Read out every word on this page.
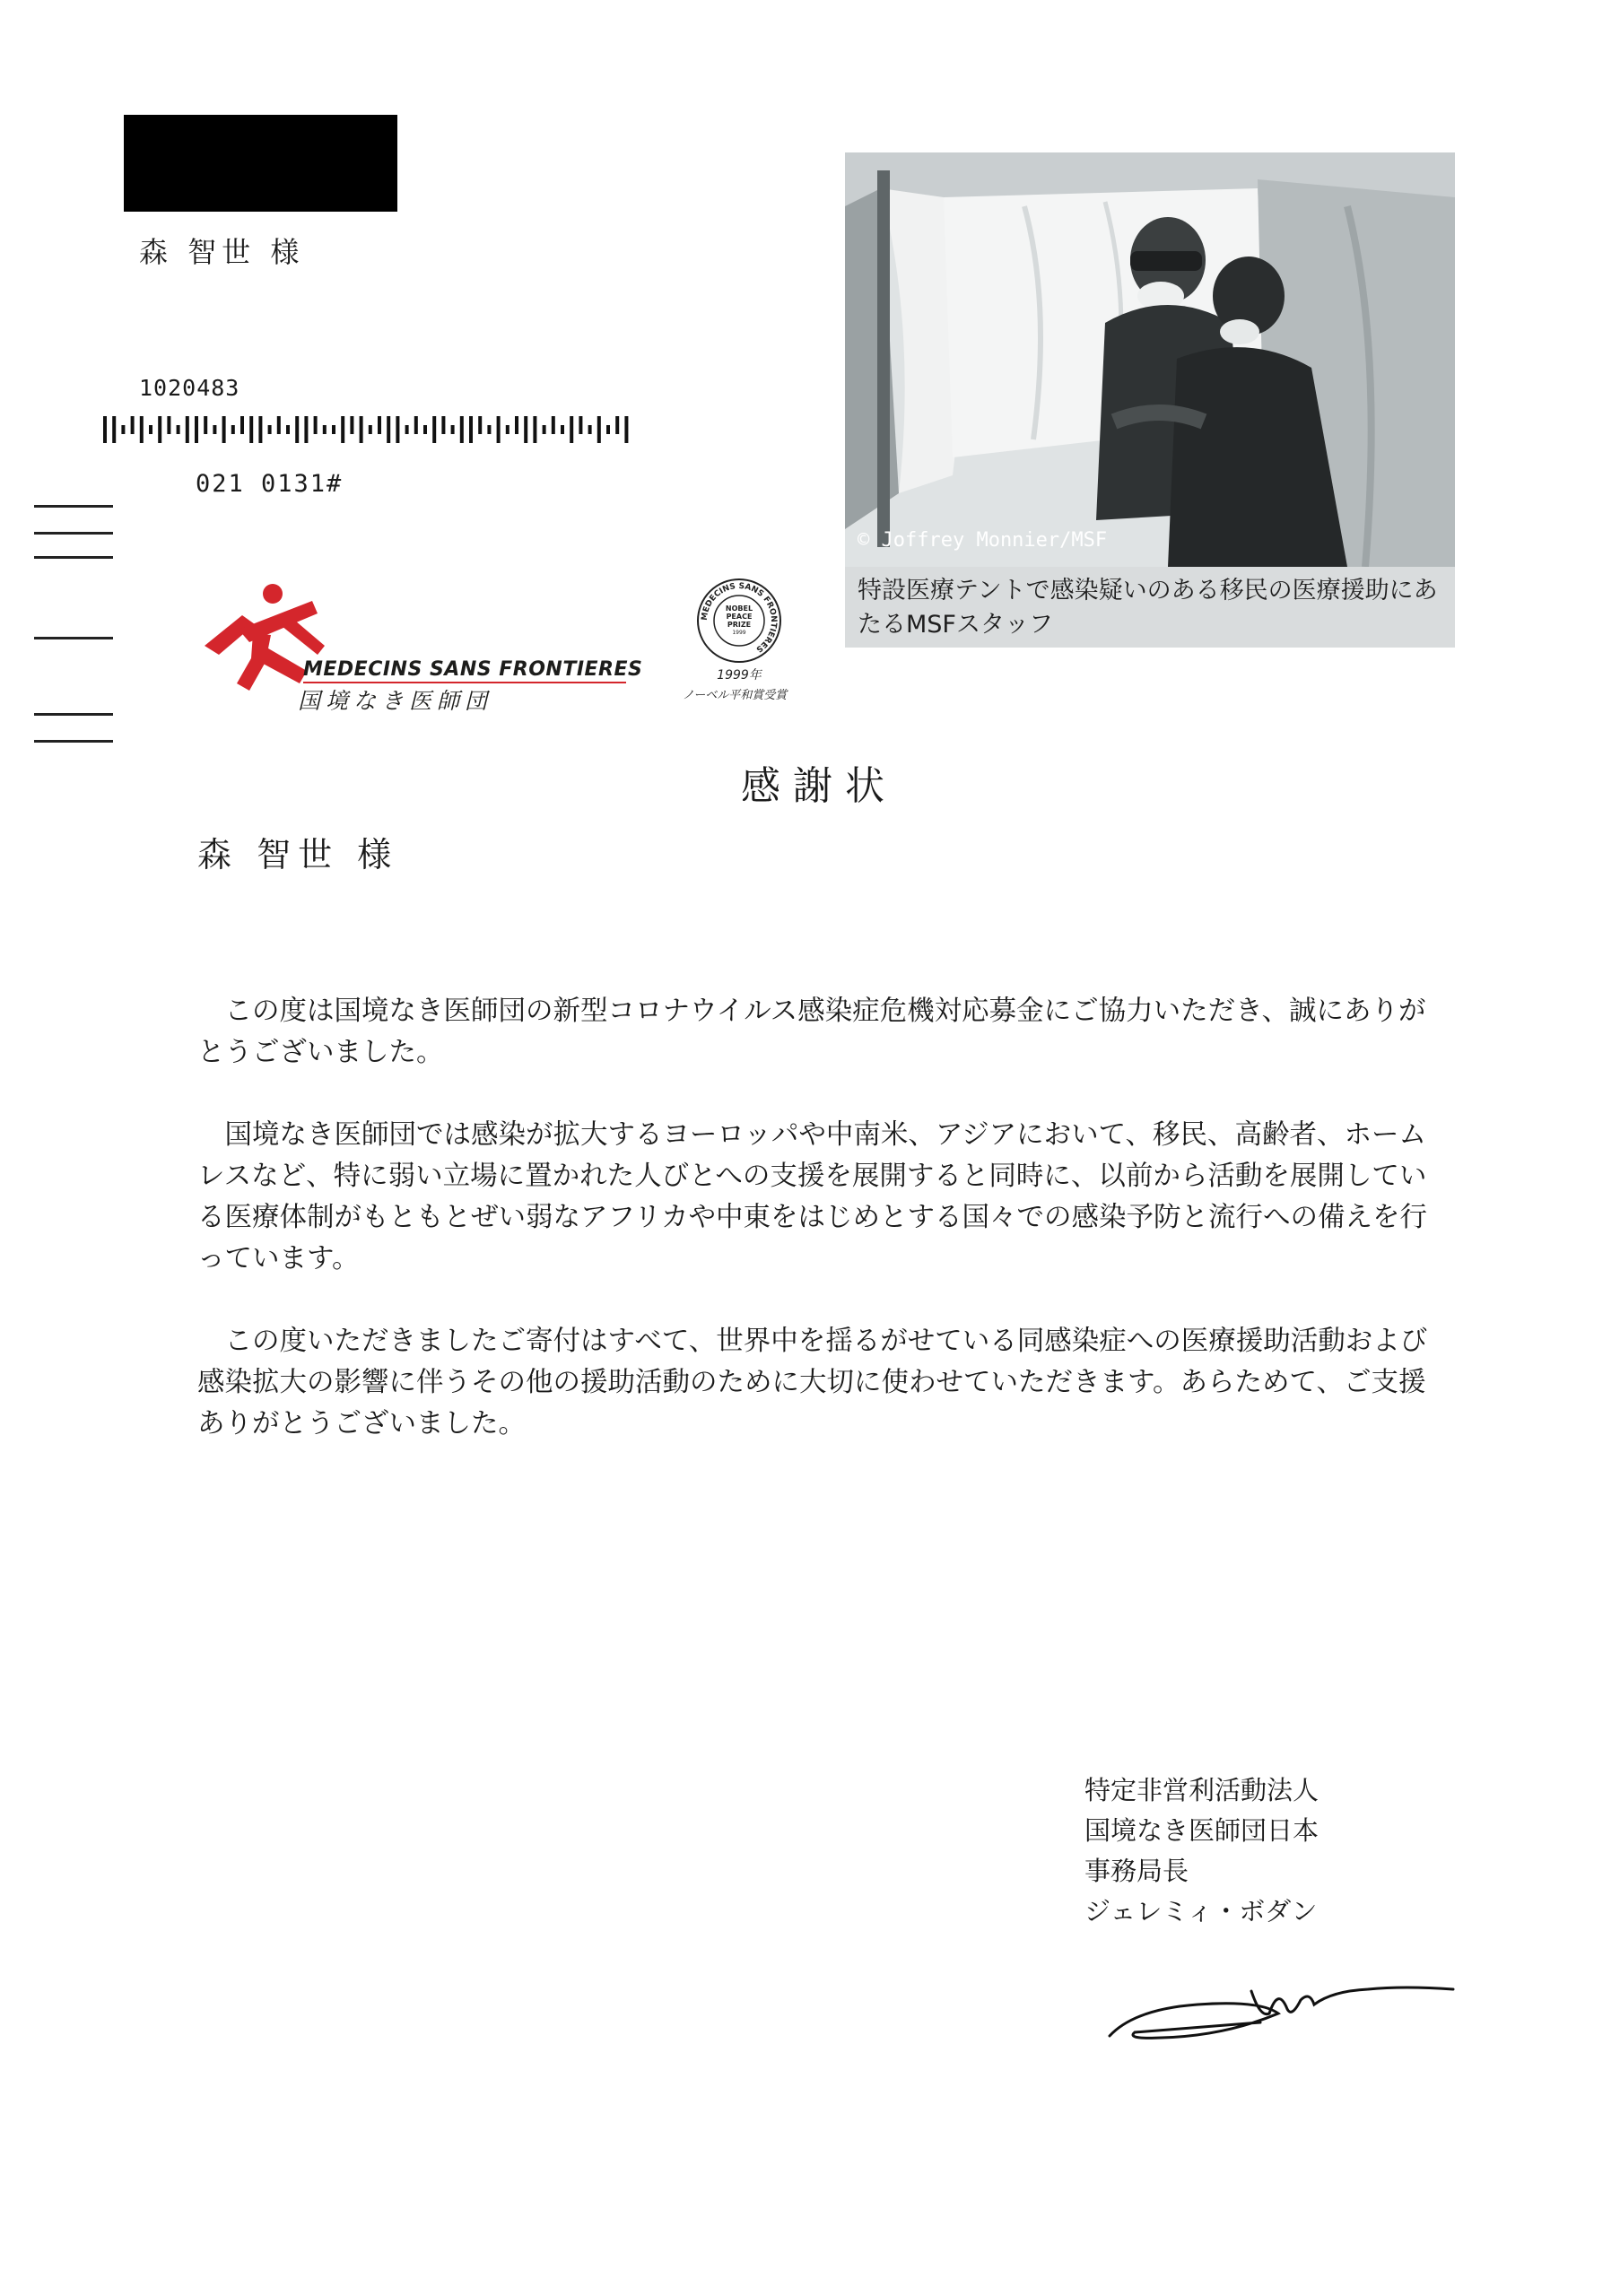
森 智世 様
1020483
021 0131#
© Joffrey Monnier/MSF
特設医療テントで感染疑いのある移民の医療援助にあたるMSFスタッフ
MEDECINS SANS FRONTIERES
国境なき医師団
MEDECINS SANS FRONTIERES
NOBEL PEACE PRIZE
1999
1999年
ノーベル平和賞受賞
感謝状
森 智世 様

この度は国境なき医師団の新型コロナウイルス感染症危機対応募金にご協力いただき、誠にありがとうございました。

国境なき医師団では感染が拡大するヨーロッパや中南米、アジアにおいて、移民、高齢者、ホームレスなど、特に弱い立場に置かれた人びとへの支援を展開すると同時に、以前から活動を展開している医療体制がもともとぜい弱なアフリカや中東をはじめとする国々での感染予防と流行への備えを行っています。

この度いただきましたご寄付はすべて、世界中を揺るがせている同感染症への医療援助活動および感染拡大の影響に伴うその他の援助活動のために大切に使わせていただきます。あらためて、ご支援ありがとうございました。

特定非営利活動法人
国境なき医師団日本
事務局長
ジェレミィ・ボダン
